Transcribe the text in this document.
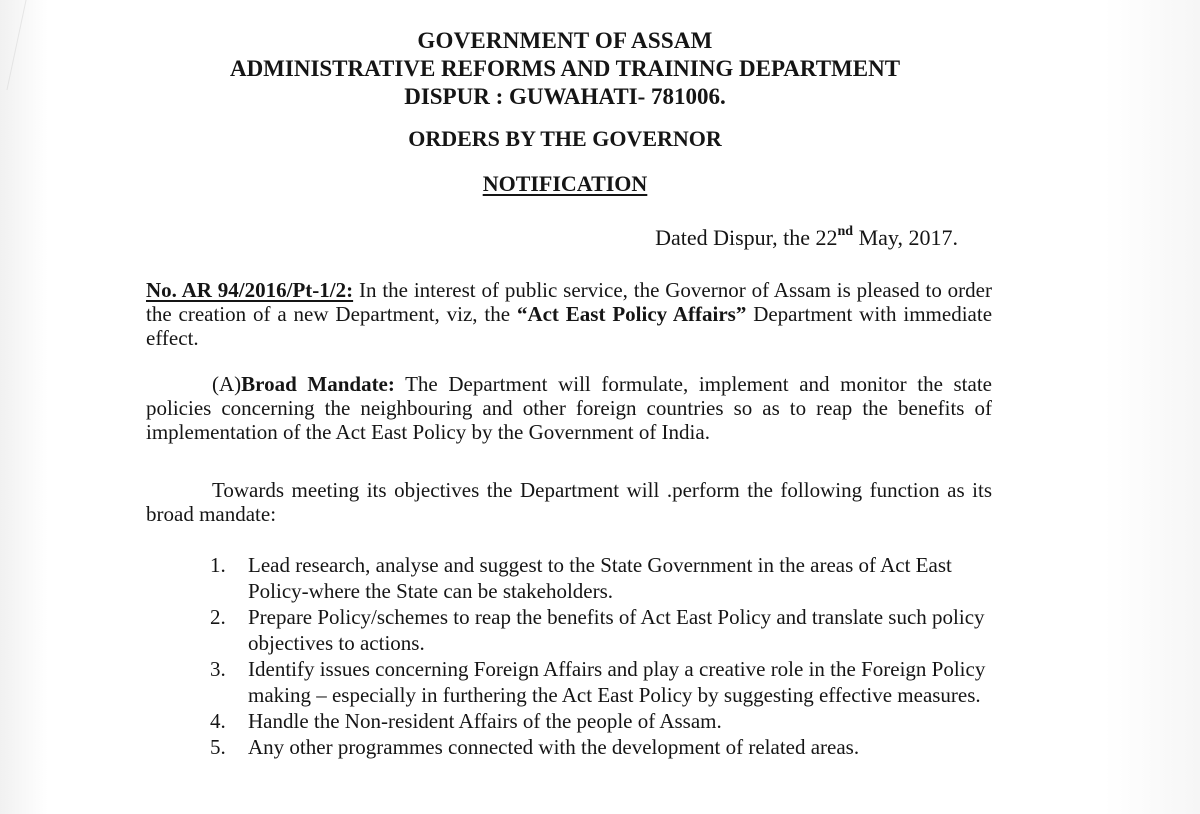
GOVERNMENT OF ASSAM
ADMINISTRATIVE REFORMS AND TRAINING DEPARTMENT
DISPUR : GUWAHATI- 781006.
ORDERS BY THE GOVERNOR
NOTIFICATION
Dated Dispur, the 22nd May, 2017.
No. AR 94/2016/Pt-1/2: In the interest of public service, the Governor of Assam is pleased to order the creation of a new Department, viz, the “Act East Policy Affairs” Department with immediate effect.
(A)Broad Mandate: The Department will formulate, implement and monitor the state policies concerning the neighbouring and other foreign countries so as to reap the benefits of implementation of the Act East Policy by the Government of India.
Towards meeting its objectives the Department will .perform the following function as its broad mandate:
1. Lead research, analyse and suggest to the State Government in the areas of Act East Policy-where the State can be stakeholders.
2. Prepare Policy/schemes to reap the benefits of Act East Policy and translate such policy objectives to actions.
3. Identify issues concerning Foreign Affairs and play a creative role in the Foreign Policy making – especially in furthering the Act East Policy by suggesting effective measures.
4. Handle the Non-resident Affairs of the people of Assam.
5. Any other programmes connected with the development of related areas.
